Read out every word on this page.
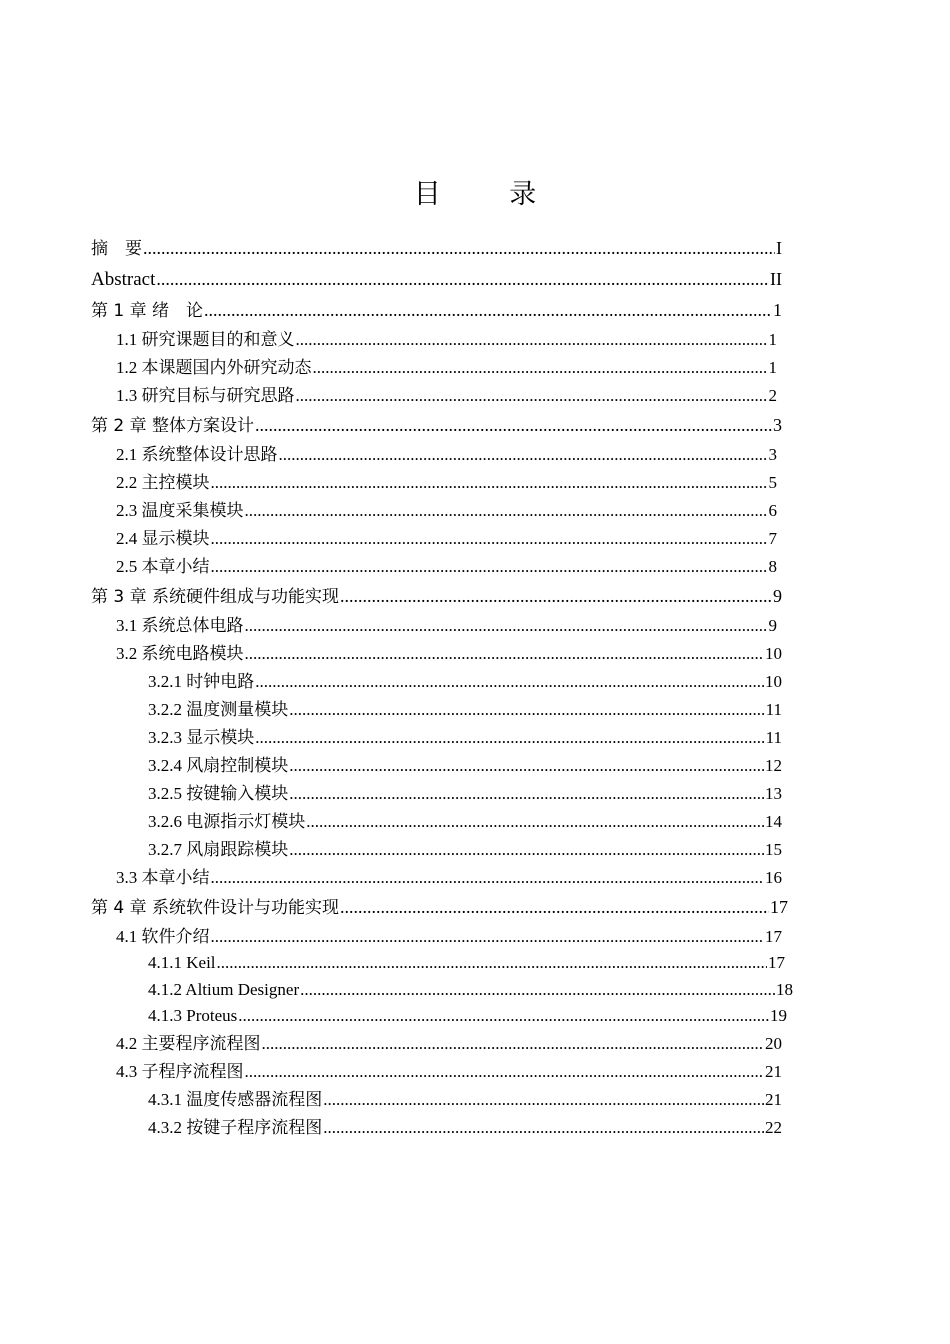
目 录
摘　要 .....	I
Abstract .....	II
第 1 章 绪　论 .....	1
1.1 研究课题目的和意义 .....	1
1.2 本课题国内外研究动态 .....	1
1.3 研究目标与研究思路 .....	2
第 2 章 整体方案设计 .....	3
2.1 系统整体设计思路 .....	3
2.2 主控模块 .....	5
2.3 温度采集模块 .....	6
2.4 显示模块 .....	7
2.5 本章小结 .....	8
第 3 章 系统硬件组成与功能实现 .....	9
3.1 系统总体电路 .....	9
3.2 系统电路模块 .....	10
3.2.1 时钟电路 .....	10
3.2.2 温度测量模块 .....	11
3.2.3 显示模块 .....	11
3.2.4 风扇控制模块 .....	12
3.2.5 按键输入模块 .....	13
3.2.6 电源指示灯模块 .....	14
3.2.7 风扇跟踪模块 .....	15
3.3 本章小结 .....	16
第 4 章 系统软件设计与功能实现 .....	17
4.1 软件介绍 .....	17
4.1.1 Keil .....	17
4.1.2 Altium Designer .....	18
4.1.3 Proteus .....	19
4.2 主要程序流程图 .....	20
4.3 子程序流程图 .....	21
4.3.1 温度传感器流程图 .....	21
4.3.2 按键子程序流程图 .....	22
